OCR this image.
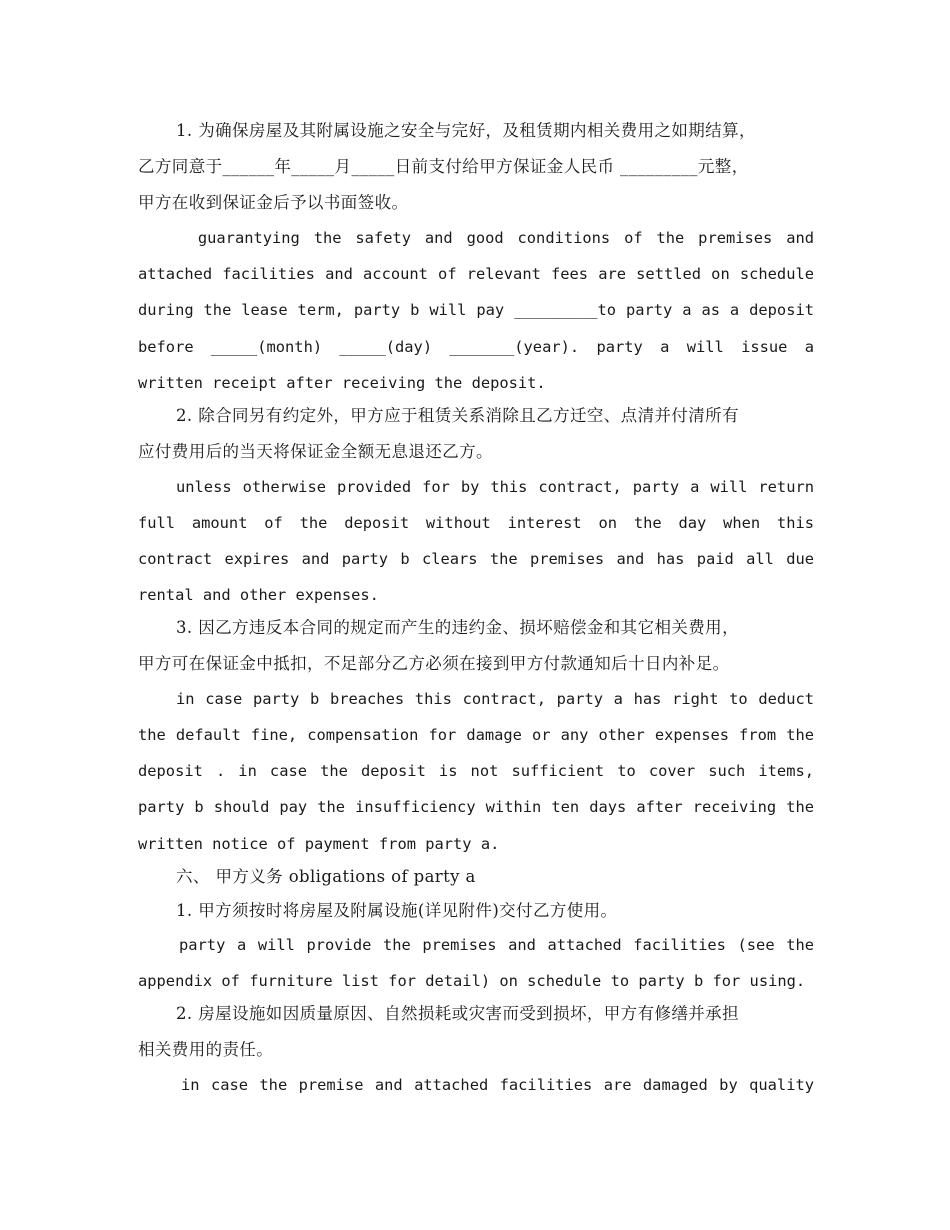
1. 为确保房屋及其附属设施之安全与完好，及租赁期内相关费用之如期结算，
乙方同意于______年_____月_____日前支付给甲方保证金人民币 _________元整，
甲方在收到保证金后予以书面签收。
guarantying the safety and good conditions of the premises and
attached facilities and account of relevant fees are settled on schedule
during the lease term, party b will pay _________to party a as a deposit
before _____(month) _____(day) _______(year). party a will issue a
written receipt after receiving the deposit.
2. 除合同另有约定外，甲方应于租赁关系消除且乙方迁空、点清并付清所有
应付费用后的当天将保证金全额无息退还乙方。
unless otherwise provided for by this contract, party a will return
full amount of the deposit without interest on the day when this
contract expires and party b clears the premises and has paid all due
rental and other expenses.
3. 因乙方违反本合同的规定而产生的违约金、损坏赔偿金和其它相关费用，
甲方可在保证金中抵扣，不足部分乙方必须在接到甲方付款通知后十日内补足。
in case party b breaches this contract, party a has right to deduct
the default fine, compensation for damage or any other expenses from the
deposit . in case the deposit is not sufficient to cover such items,
party b should pay the insufficiency within ten days after receiving the
written notice of payment from party a.
六、 甲方义务 obligations of party a
1. 甲方须按时将房屋及附属设施(详见附件)交付乙方使用。
party a will provide the premises and attached facilities (see the
appendix of furniture list for detail) on schedule to party b for using.
2. 房屋设施如因质量原因、自然损耗或灾害而受到损坏，甲方有修缮并承担
相关费用的责任。
in case the premise and attached facilities are damaged by quality
